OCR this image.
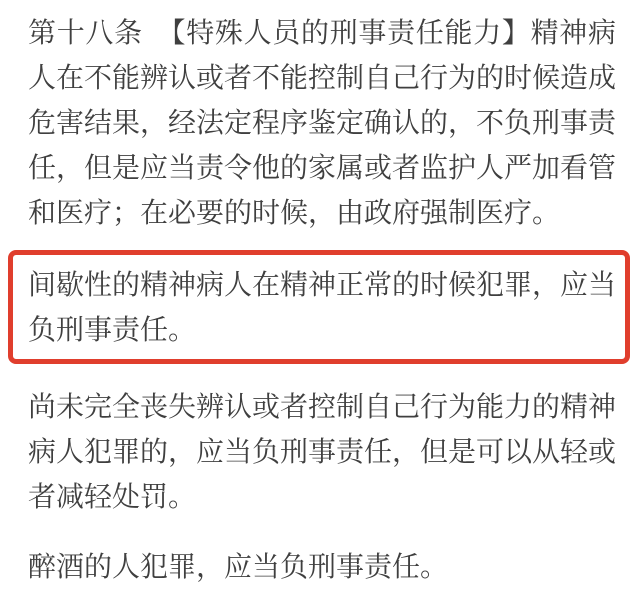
第十八条　【特殊人员的刑事责任能力】精神病人在不能辨认或者不能控制自己行为的时候造成危害结果，经法定程序鉴定确认的，不负刑事责任，但是应当责令他的家属或者监护人严加看管和医疗；在必要的时候，由政府强制医疗。

间歇性的精神病人在精神正常的时候犯罪，应当负刑事责任。

尚未完全丧失辨认或者控制自己行为能力的精神病人犯罪的，应当负刑事责任，但是可以从轻或者减轻处罚。

醉酒的人犯罪，应当负刑事责任。
